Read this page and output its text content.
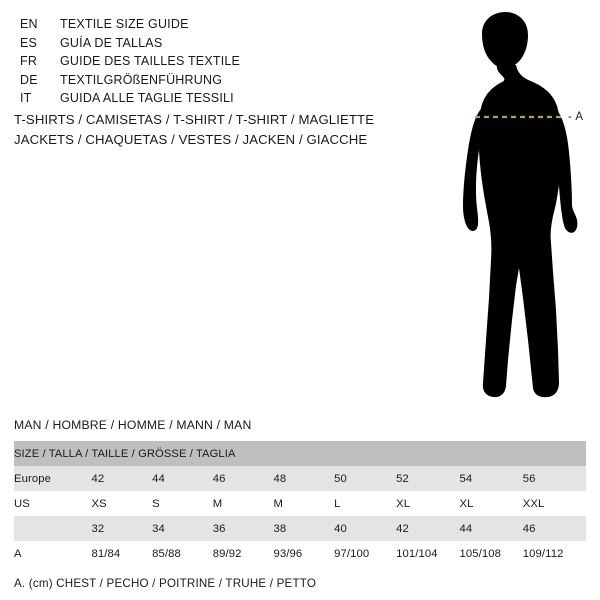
EN	TEXTILE SIZE GUIDE
ES	GUÍA DE TALLAS
FR	GUIDE DES TAILLES TEXTILE
DE	TEXTILGRÖßENFÜHRUNG
IT	GUIDA ALLE TAGLIE TESSILI
T-SHIRTS / CAMISETAS / T-SHIRT / T-SHIRT / MAGLIETTE
JACKETS / CHAQUETAS / VESTES / JACKEN / GIACCHE
- A
MAN / HOMBRE / HOMME / MANN / MAN
SIZE / TALLA / TAILLE / GRÖSSE / TAGLIA								
Europe	42	44	46	48	50	52	54	56
US	XS	S	M	M	L	XL	XL	XXL
	32	34	36	38	40	42	44	46
A	81/84	85/88	89/92	93/96	97/100	101/104	105/108	109/112
A. (cm) CHEST / PECHO / POITRINE / TRUHE / PETTO
